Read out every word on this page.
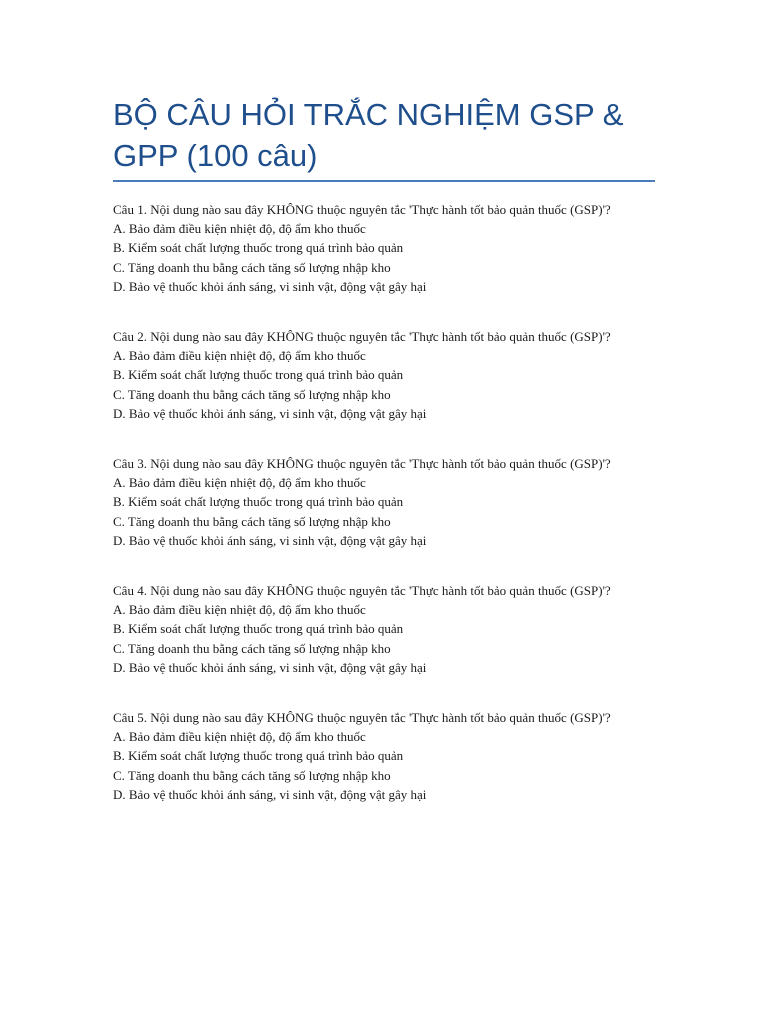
BỘ CÂU HỎI TRẮC NGHIỆM GSP & GPP (100 câu)

Câu 1. Nội dung nào sau đây KHÔNG thuộc nguyên tắc 'Thực hành tốt bảo quản thuốc (GSP)'?

A. Bảo đảm điều kiện nhiệt độ, độ ẩm kho thuốc

B. Kiểm soát chất lượng thuốc trong quá trình bảo quản

C. Tăng doanh thu bằng cách tăng số lượng nhập kho

D. Bảo vệ thuốc khỏi ánh sáng, vi sinh vật, động vật gây hại

Câu 2. Nội dung nào sau đây KHÔNG thuộc nguyên tắc 'Thực hành tốt bảo quản thuốc (GSP)'?

A. Bảo đảm điều kiện nhiệt độ, độ ẩm kho thuốc

B. Kiểm soát chất lượng thuốc trong quá trình bảo quản

C. Tăng doanh thu bằng cách tăng số lượng nhập kho

D. Bảo vệ thuốc khỏi ánh sáng, vi sinh vật, động vật gây hại

Câu 3. Nội dung nào sau đây KHÔNG thuộc nguyên tắc 'Thực hành tốt bảo quản thuốc (GSP)'?

A. Bảo đảm điều kiện nhiệt độ, độ ẩm kho thuốc

B. Kiểm soát chất lượng thuốc trong quá trình bảo quản

C. Tăng doanh thu bằng cách tăng số lượng nhập kho

D. Bảo vệ thuốc khỏi ánh sáng, vi sinh vật, động vật gây hại

Câu 4. Nội dung nào sau đây KHÔNG thuộc nguyên tắc 'Thực hành tốt bảo quản thuốc (GSP)'?

A. Bảo đảm điều kiện nhiệt độ, độ ẩm kho thuốc

B. Kiểm soát chất lượng thuốc trong quá trình bảo quản

C. Tăng doanh thu bằng cách tăng số lượng nhập kho

D. Bảo vệ thuốc khỏi ánh sáng, vi sinh vật, động vật gây hại

Câu 5. Nội dung nào sau đây KHÔNG thuộc nguyên tắc 'Thực hành tốt bảo quản thuốc (GSP)'?

A. Bảo đảm điều kiện nhiệt độ, độ ẩm kho thuốc

B. Kiểm soát chất lượng thuốc trong quá trình bảo quản

C. Tăng doanh thu bằng cách tăng số lượng nhập kho

D. Bảo vệ thuốc khỏi ánh sáng, vi sinh vật, động vật gây hại
